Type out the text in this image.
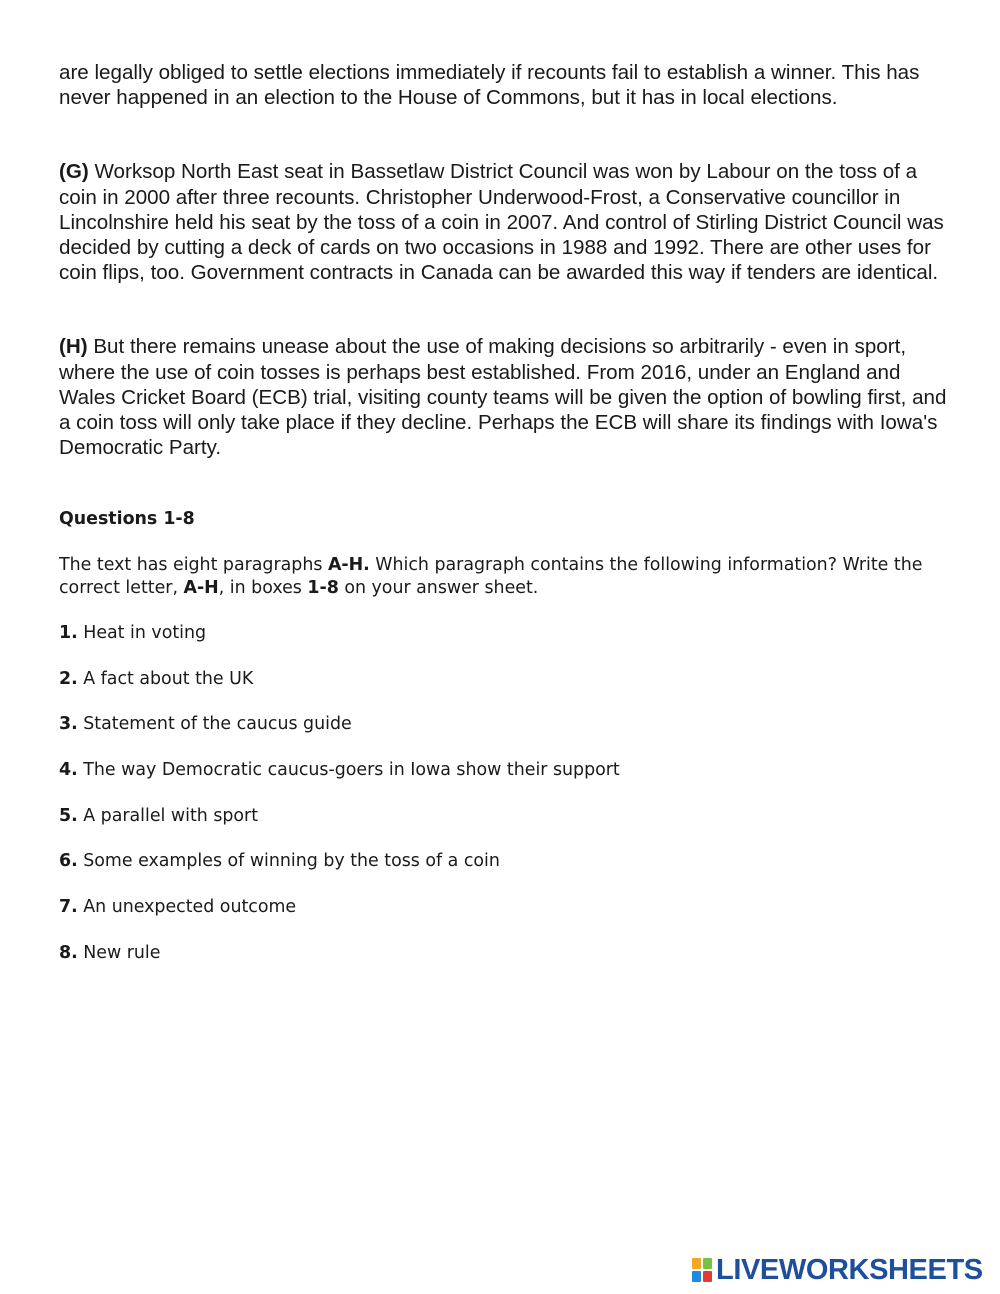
are legally obliged to settle elections immediately if recounts fail to establish a winner. This has never happened in an election to the House of Commons, but it has in local elections.

(G) Worksop North East seat in Bassetlaw District Council was won by Labour on the toss of a coin in 2000 after three recounts. Christopher Underwood-Frost, a Conservative councillor in Lincolnshire held his seat by the toss of a coin in 2007. And control of Stirling District Council was decided by cutting a deck of cards on two occasions in 1988 and 1992. There are other uses for coin flips, too. Government contracts in Canada can be awarded this way if tenders are identical.

(H) But there remains unease about the use of making decisions so arbitrarily - even in sport, where the use of coin tosses is perhaps best established. From 2016, under an England and Wales Cricket Board (ECB) trial, visiting county teams will be given the option of bowling first, and a coin toss will only take place if they decline. Perhaps the ECB will share its findings with Iowa's Democratic Party.

Questions 1-8

The text has eight paragraphs A-H. Which paragraph contains the following information? Write the correct letter, A-H, in boxes 1-8 on your answer sheet.

1. Heat in voting
2. A fact about the UK
3. Statement of the caucus guide
4. The way Democratic caucus-goers in Iowa show their support
5. A parallel with sport
6. Some examples of winning by the toss of a coin
7. An unexpected outcome
8. New rule
LIVEWORKSHEETS
